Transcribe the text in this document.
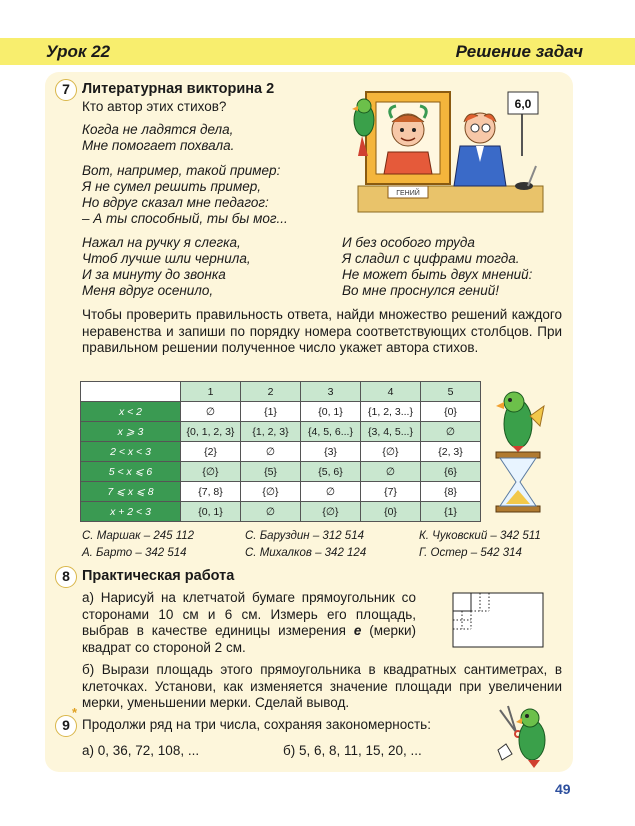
Урок 22	Решение задач
7 Литературная викторина 2
Кто автор этих стихов?
Когда не ладятся дела,
Мне помогает похвала.
Вот, например, такой пример:
Я не сумел решить пример,
Но вдруг сказал мне педагог:
– А ты способный, ты бы мог...
Нажал на ручку я слегка,
Чтоб лучше шли чернила,
И за минуту до звонка
Меня вдруг осенило,
И без особого труда
Я сладил с цифрами тогда.
Не может быть двух мнений:
Во мне проснулся гений!
ГЕНИЙ
6,0
Чтобы проверить правильность ответа, найди множество решений каждого неравенства и запиши по порядку номера соответствующих столбцов. При правильном решении полученное число укажет автора стихов.
	1	2	3	4	5
x < 2	∅	{1}	{0, 1}	{1, 2, 3...}	{0}
x ⩾ 3	{0, 1, 2, 3}	{1, 2, 3}	{4, 5, 6...}	{3, 4, 5...}	∅
2 < x < 3	{2}	∅	{3}	{∅}	{2, 3}
5 < x ⩽ 6	{∅}	{5}	{5, 6}	∅	{6}
7 ⩽ x ⩽ 8	{7, 8}	{∅}	∅	{7}	{8}
x + 2 < 3	{0, 1}	∅	{∅}	{0}	{1}
С. Маршак – 245 112	С. Баруздин – 312 514	К. Чуковский – 342 511
А. Барто – 342 514	С. Михалков – 342 124	Г. Остер – 542 314
8 Практическая работа
а) Нарисуй на клетчатой бумаге прямоугольник со сторонами 10 см и 6 см. Измерь его площадь, выбрав в качестве единицы измерения е (мерки) квадрат со стороной 2 см.
б) Вырази площадь этого прямоугольника в квадратных сантиметрах, в клеточках. Установи, как изменяется значение площади при увеличении мерки, уменьшении мерки. Сделай вывод.
9
*
Продолжи ряд на три числа, сохраняя закономерность:
а) 0, 36, 72, 108, ...	б) 5, 6, 8, 11, 15, 20, ...
49
